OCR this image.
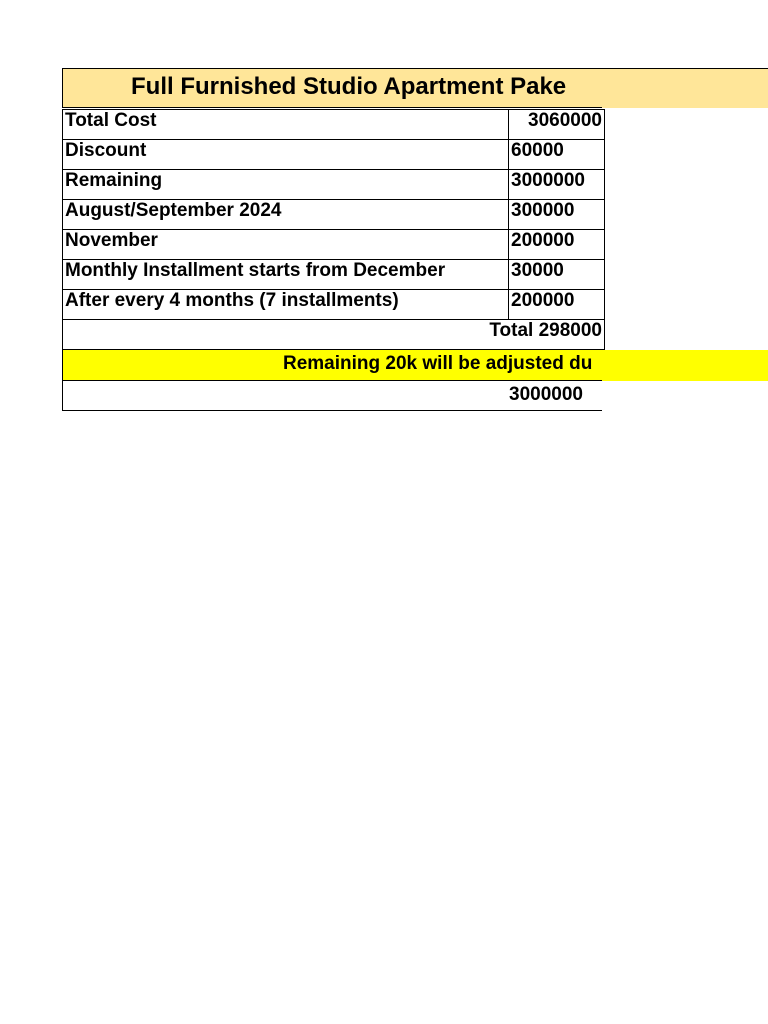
Full Furnished Studio Apartment Pake
Total Cost	3060000
Discount	60000
Remaining	3000000
August/September 2024	300000
November	200000
Monthly Installment starts from December	30000
After every 4 months (7 installments)	200000
Total 298000	
Remaining 20k will be adjusted du
3000000
